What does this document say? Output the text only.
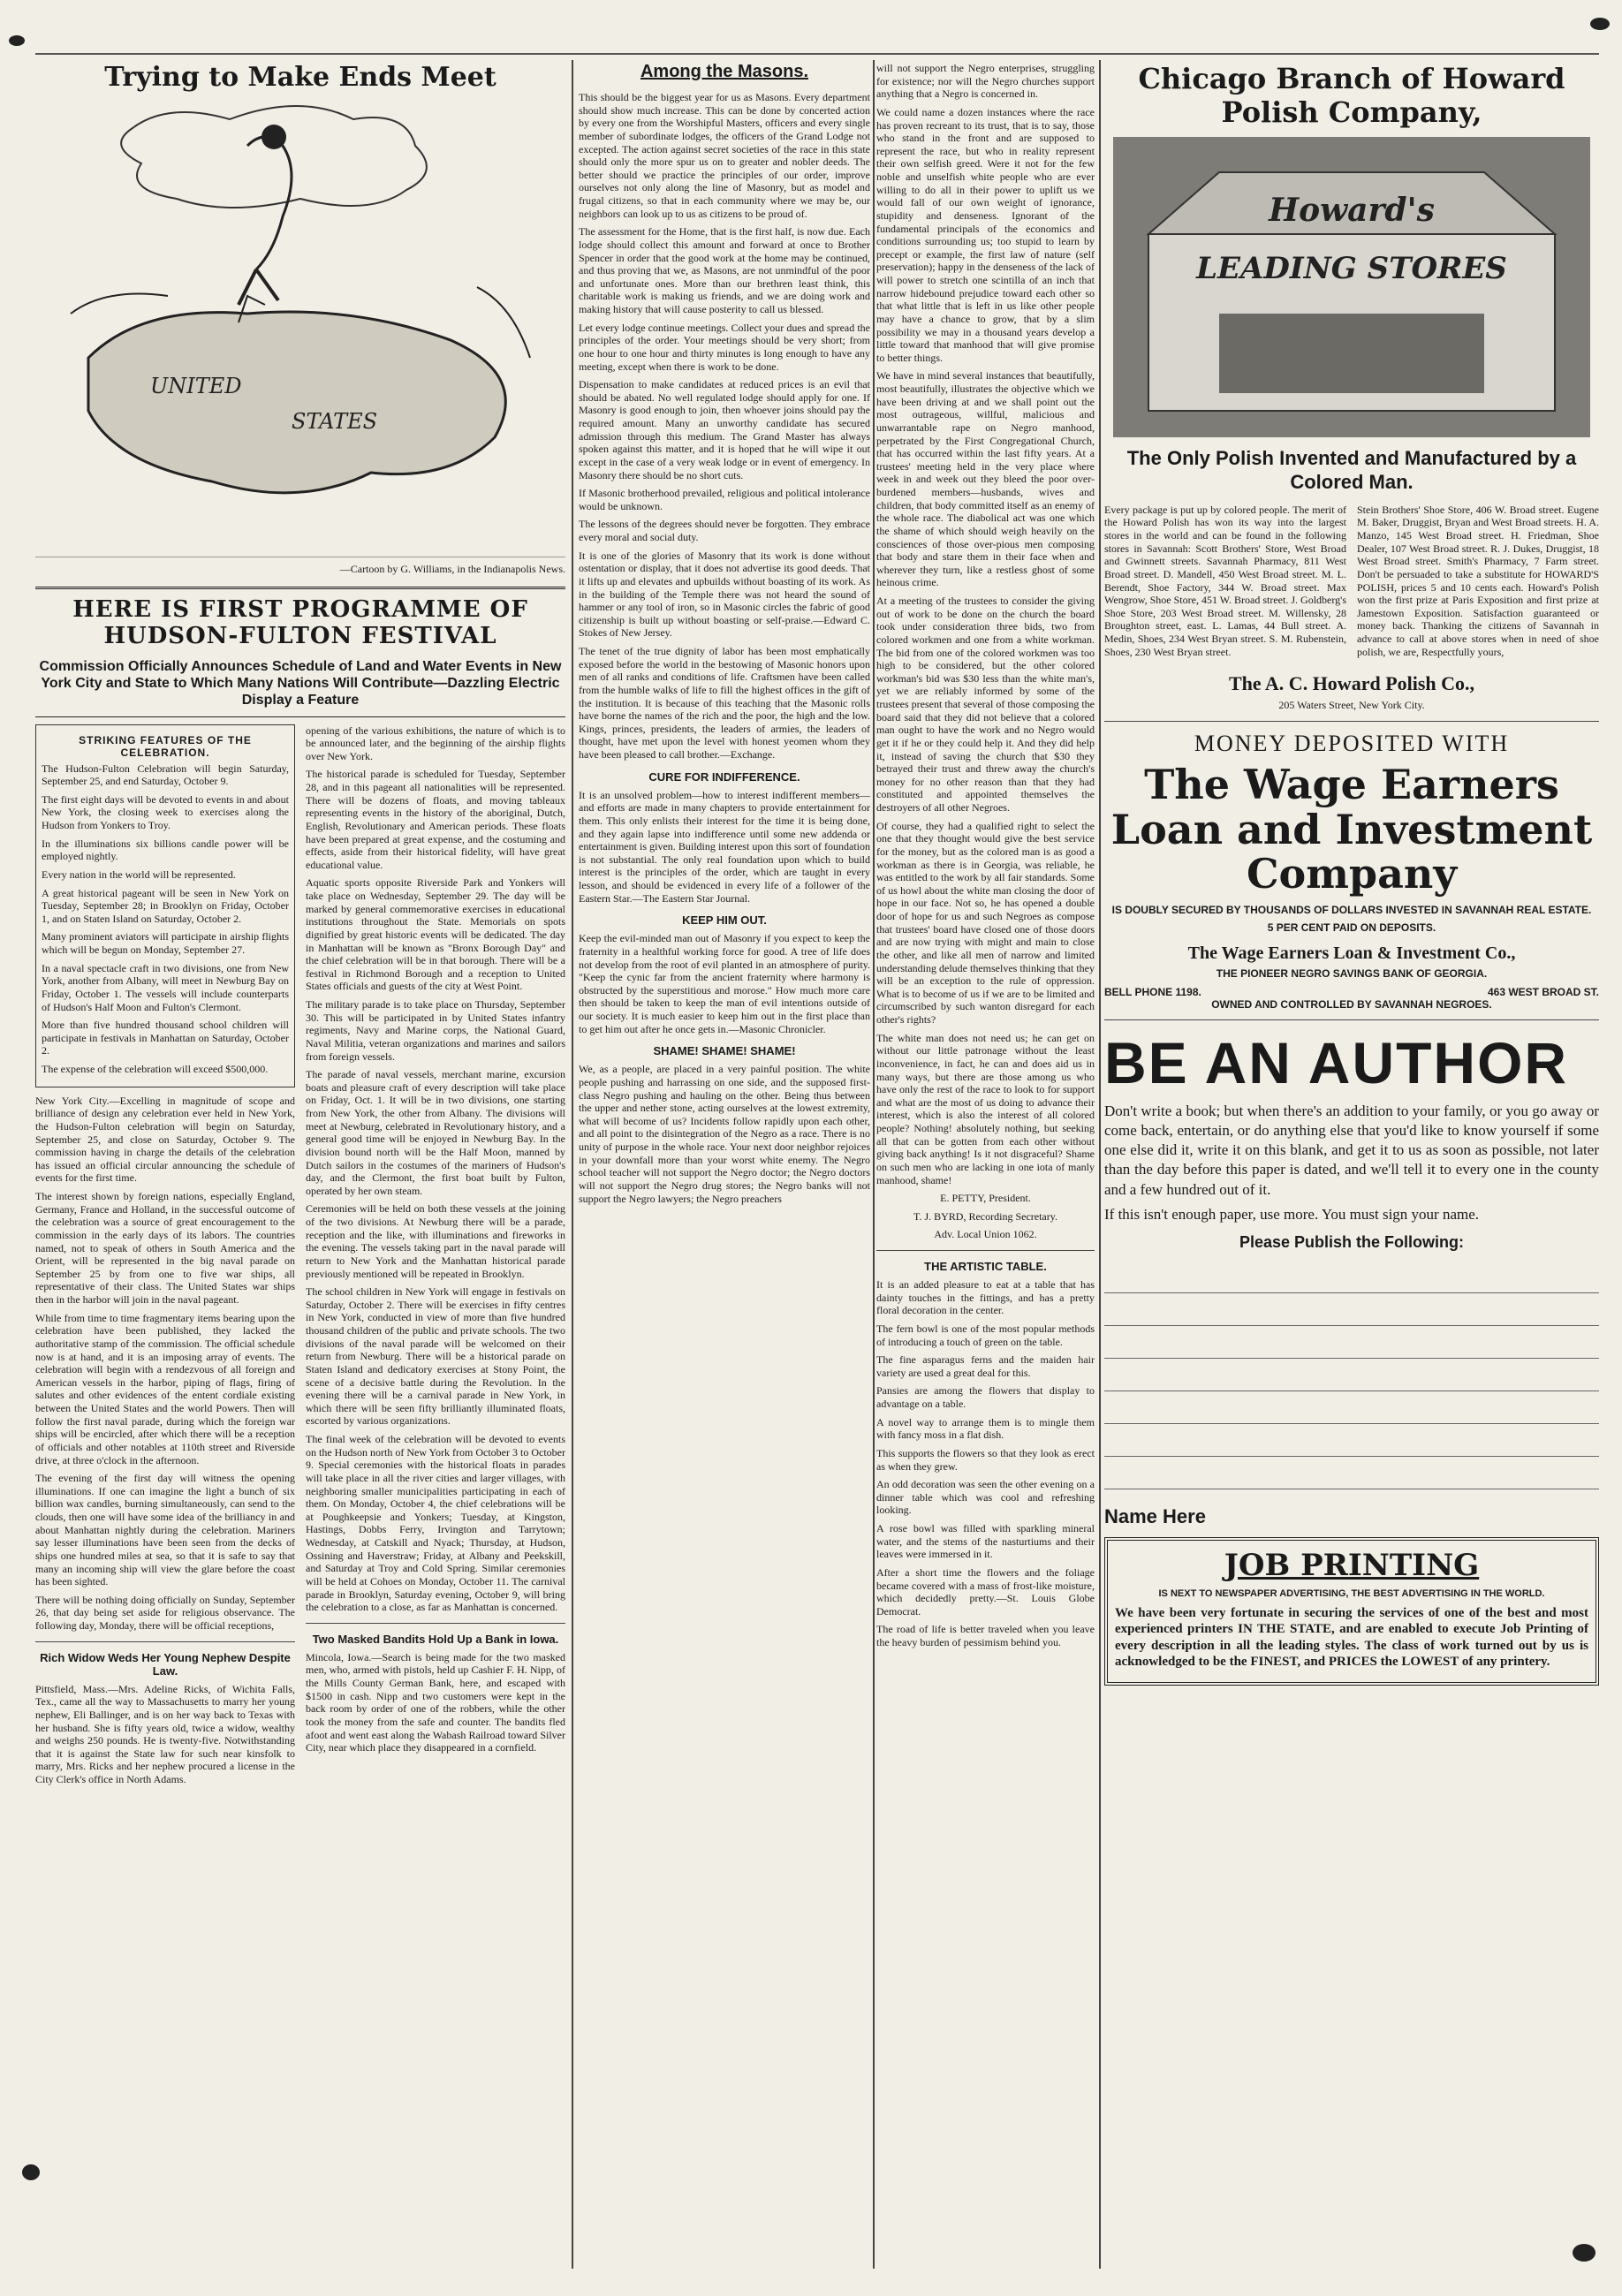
Trying to Make Ends Meet
UNITED
STATES
—Cartoon by G. Williams, in the Indianapolis News.
HERE IS FIRST PROGRAMME OF HUDSON-FULTON FESTIVAL
Commission Officially Announces Schedule of Land and Water Events in New York City and State to Which Many Nations Will Contribute—Dazzling Electric Display a Feature
STRIKING FEATURES OF THE CELEBRATION.

The Hudson-Fulton Celebration will begin Saturday, September 25, and end Saturday, October 9.

The first eight days will be devoted to events in and about New York, the closing week to exercises along the Hudson from Yonkers to Troy.

In the illuminations six billions candle power will be employed nightly.

Every nation in the world will be represented.

A great historical pageant will be seen in New York on Tuesday, September 28; in Brooklyn on Friday, October 1, and on Staten Island on Saturday, October 2.

Many prominent aviators will participate in airship flights which will be begun on Monday, September 27.

In a naval spectacle craft in two divisions, one from New York, another from Albany, will meet in Newburg Bay on Friday, October 1. The vessels will include counterparts of Hudson's Half Moon and Fulton's Clermont.

More than five hundred thousand school children will participate in festivals in Manhattan on Saturday, October 2.

The expense of the celebration will exceed $500,000.

New York City.—Excelling in magnitude of scope and brilliance of design any celebration ever held in New York, the Hudson-Fulton celebration will begin on Saturday, September 25, and close on Saturday, October 9. The commission having in charge the details of the celebration has issued an official circular announcing the schedule of events for the first time.

The interest shown by foreign nations, especially England, Germany, France and Holland, in the successful outcome of the celebration was a source of great encouragement to the commission in the early days of its labors. The countries named, not to speak of others in South America and the Orient, will be represented in the big naval parade on September 25 by from one to five war ships, all representative of their class. The United States war ships then in the harbor will join in the naval pageant.

While from time to time fragmentary items bearing upon the celebration have been published, they lacked the authoritative stamp of the commission. The official schedule now is at hand, and it is an imposing array of events. The celebration will begin with a rendezvous of all foreign and American vessels in the harbor, piping of flags, firing of salutes and other evidences of the entent cordiale existing between the United States and the world Powers. Then will follow the first naval parade, during which the foreign war ships will be encircled, after which there will be a reception of officials and other notables at 110th street and Riverside drive, at three o'clock in the afternoon.

The evening of the first day will witness the opening illuminations. If one can imagine the light a bunch of six billion wax candles, burning simultaneously, can send to the clouds, then one will have some idea of the brilliancy in and about Manhattan nightly during the celebration. Mariners say lesser illuminations have been seen from the decks of ships one hundred miles at sea, so that it is safe to say that many an incoming ship will view the glare before the coast has been sighted.

There will be nothing doing officially on Sunday, September 26, that day being set aside for religious observance. The following day, Monday, there will be official receptions,

Rich Widow Weds Her Young Nephew Despite Law.

Pittsfield, Mass.—Mrs. Adeline Ricks, of Wichita Falls, Tex., came all the way to Massachusetts to marry her young nephew, Eli Ballinger, and is on her way back to Texas with her husband. She is fifty years old, twice a widow, wealthy and weighs 250 pounds. He is twenty-five. Notwithstanding that it is against the State law for such near kinsfolk to marry, Mrs. Ricks and her nephew procured a license in the City Clerk's office in North Adams.

opening of the various exhibitions, the nature of which is to be announced later, and the beginning of the airship flights over New York.

The historical parade is scheduled for Tuesday, September 28, and in this pageant all nationalities will be represented. There will be dozens of floats, and moving tableaux representing events in the history of the aboriginal, Dutch, English, Revolutionary and American periods. These floats have been prepared at great expense, and the costuming and effects, aside from their historical fidelity, will have great educational value.

Aquatic sports opposite Riverside Park and Yonkers will take place on Wednesday, September 29. The day will be marked by general commemorative exercises in educational institutions throughout the State. Memorials on spots dignified by great historic events will be dedicated. The day in Manhattan will be known as "Bronx Borough Day" and the chief celebration will be in that borough. There will be a festival in Richmond Borough and a reception to United States officials and guests of the city at West Point.

The military parade is to take place on Thursday, September 30. This will be participated in by United States infantry regiments, Navy and Marine corps, the National Guard, Naval Militia, veteran organizations and marines and sailors from foreign vessels.

The parade of naval vessels, merchant marine, excursion boats and pleasure craft of every description will take place on Friday, Oct. 1. It will be in two divisions, one starting from New York, the other from Albany. The divisions will meet at Newburg, celebrated in Revolutionary history, and a general good time will be enjoyed in Newburg Bay. In the division bound north will be the Half Moon, manned by Dutch sailors in the costumes of the mariners of Hudson's day, and the Clermont, the first boat built by Fulton, operated by her own steam.

Ceremonies will be held on both these vessels at the joining of the two divisions. At Newburg there will be a parade, reception and the like, with illuminations and fireworks in the evening. The vessels taking part in the naval parade will return to New York and the Manhattan historical parade previously mentioned will be repeated in Brooklyn.

The school children in New York will engage in festivals on Saturday, October 2. There will be exercises in fifty centres in New York, conducted in view of more than five hundred thousand children of the public and private schools. The two divisions of the naval parade will be welcomed on their return from Newburg. There will be a historical parade on Staten Island and dedicatory exercises at Stony Point, the scene of a decisive battle during the Revolution. In the evening there will be a carnival parade in New York, in which there will be seen fifty brilliantly illuminated floats, escorted by various organizations.

The final week of the celebration will be devoted to events on the Hudson north of New York from October 3 to October 9. Special ceremonies with the historical floats in parades will take place in all the river cities and larger villages, with neighboring smaller municipalities participating in each of them. On Monday, October 4, the chief celebrations will be at Poughkeepsie and Yonkers; Tuesday, at Kingston, Hastings, Dobbs Ferry, Irvington and Tarrytown; Wednesday, at Catskill and Nyack; Thursday, at Hudson, Ossining and Haverstraw; Friday, at Albany and Peekskill, and Saturday at Troy and Cold Spring. Similar ceremonies will be held at Cohoes on Monday, October 11. The carnival parade in Brooklyn, Saturday evening, October 9, will bring the celebration to a close, as far as Manhattan is concerned.

Two Masked Bandits Hold Up a Bank in Iowa.

Mincola, Iowa.—Search is being made for the two masked men, who, armed with pistols, held up Cashier F. H. Nipp, of the Mills County German Bank, here, and escaped with $1500 in cash. Nipp and two customers were kept in the back room by order of one of the robbers, while the other took the money from the safe and counter. The bandits fled afoot and went east along the Wabash Railroad toward Silver City, near which place they disappeared in a cornfield.

Among the Masons.

This should be the biggest year for us as Masons. Every department should show much increase. This can be done by concerted action by every one from the Worshipful Masters, officers and every single member of subordinate lodges, the officers of the Grand Lodge not excepted. The action against secret societies of the race in this state should only the more spur us on to greater and nobler deeds. The better should we practice the principles of our order, improve ourselves not only along the line of Masonry, but as model and frugal citizens, so that in each community where we may be, our neighbors can look up to us as citizens to be proud of.

The assessment for the Home, that is the first half, is now due. Each lodge should collect this amount and forward at once to Brother Spencer in order that the good work at the home may be continued, and thus proving that we, as Masons, are not unmindful of the poor and unfortunate ones. More than our brethren least think, this charitable work is making us friends, and we are doing work and making history that will cause posterity to call us blessed.

Let every lodge continue meetings. Collect your dues and spread the principles of the order. Your meetings should be very short; from one hour to one hour and thirty minutes is long enough to have any meeting, except when there is work to be done.

Dispensation to make candidates at reduced prices is an evil that should be abated. No well regulated lodge should apply for one. If Masonry is good enough to join, then whoever joins should pay the required amount. Many an unworthy candidate has secured admission through this medium. The Grand Master has always spoken against this matter, and it is hoped that he will wipe it out except in the case of a very weak lodge or in event of emergency. In Masonry there should be no short cuts.

If Masonic brotherhood prevailed, religious and political intolerance would be unknown.

The lessons of the degrees should never be forgotten. They embrace every moral and social duty.

It is one of the glories of Masonry that its work is done without ostentation or display, that it does not advertise its good deeds. That it lifts up and elevates and upbuilds without boasting of its work. As in the building of the Temple there was not heard the sound of hammer or any tool of iron, so in Masonic circles the fabric of good citizenship is built up without boasting or self-praise.—Edward C. Stokes of New Jersey.

The tenet of the true dignity of labor has been most emphatically exposed before the world in the bestowing of Masonic honors upon men of all ranks and conditions of life. Craftsmen have been called from the humble walks of life to fill the highest offices in the gift of the institution. It is because of this teaching that the Masonic rolls have borne the names of the rich and the poor, the high and the low. Kings, princes, presidents, the leaders of armies, the leaders of thought, have met upon the level with honest yeomen whom they have been pleased to call brother.—Exchange.

CURE FOR INDIFFERENCE.

It is an unsolved problem—how to interest indifferent members—and efforts are made in many chapters to provide entertainment for them. This only enlists their interest for the time it is being done, and they again lapse into indifference until some new addenda or entertainment is given. Building interest upon this sort of foundation is not substantial. The only real foundation upon which to build interest is the principles of the order, which are taught in every lesson, and should be evidenced in every life of a follower of the Eastern Star.—The Eastern Star Journal.

KEEP HIM OUT.

Keep the evil-minded man out of Masonry if you expect to keep the fraternity in a healthful working force for good. A tree of life does not develop from the root of evil planted in an atmosphere of purity. "Keep the cynic far from the ancient fraternity where harmony is obstructed by the superstitious and morose." How much more care then should be taken to keep the man of evil intentions outside of our society. It is much easier to keep him out in the first place than to get him out after he once gets in.—Masonic Chronicler.

SHAME! SHAME! SHAME!

We, as a people, are placed in a very painful position. The white people pushing and harrassing on one side, and the supposed first-class Negro pushing and hauling on the other. Being thus between the upper and nether stone, acting ourselves at the lowest extremity, what will become of us? Incidents follow rapidly upon each other, and all point to the disintegration of the Negro as a race. There is no unity of purpose in the whole race. Your next door neighbor rejoices in your downfall more than your worst white enemy. The Negro school teacher will not support the Negro doctor; the Negro doctors will not support the Negro drug stores; the Negro banks will not support the Negro lawyers; the Negro preachers

will not support the Negro enterprises, struggling for existence; nor will the Negro churches support anything that a Negro is concerned in.

We could name a dozen instances where the race has proven recreant to its trust, that is to say, those who stand in the front and are supposed to represent the race, but who in reality represent their own selfish greed. Were it not for the few noble and unselfish white people who are ever willing to do all in their power to uplift us we would fall of our own weight of ignorance, stupidity and denseness. Ignorant of the fundamental principals of the economics and conditions surrounding us; too stupid to learn by precept or example, the first law of nature (self preservation); happy in the denseness of the lack of will power to stretch one scintilla of an inch that narrow hidebound prejudice toward each other so that what little that is left in us like other people may have a chance to grow, that by a slim possibility we may in a thousand years develop a little toward that manhood that will give promise to better things.

We have in mind several instances that beautifully, most beautifully, illustrates the objective which we have been driving at and we shall point out the most outrageous, willful, malicious and unwarrantable rape on Negro manhood, perpetrated by the First Congregational Church, that has occurred within the last fifty years. At a trustees' meeting held in the very place where week in and week out they bleed the poor over-burdened members—husbands, wives and children, that body committed itself as an enemy of the whole race. The diabolical act was one which the shame of which should weigh heavily on the consciences of those over-pious men composing that body and stare them in their face when and wherever they turn, like a restless ghost of some heinous crime.

At a meeting of the trustees to consider the giving out of work to be done on the church the board took under consideration three bids, two from colored workmen and one from a white workman. The bid from one of the colored workmen was too high to be considered, but the other colored workman's bid was $30 less than the white man's, yet we are reliably informed by some of the trustees present that several of those composing the board said that they did not believe that a colored man ought to have the work and no Negro would get it if he or they could help it. And they did help it, instead of saving the church that $30 they betrayed their trust and threw away the church's money for no other reason than that they had constituted and appointed themselves the destroyers of all other Negroes.

Of course, they had a qualified right to select the one that they thought would give the best service for the money, but as the colored man is as good a workman as there is in Georgia, was reliable, he was entitled to the work by all fair standards. Some of us howl about the white man closing the door of hope in our face. Not so, he has opened a double door of hope for us and such Negroes as compose that trustees' board have closed one of those doors and are now trying with might and main to close the other, and like all men of narrow and limited understanding delude themselves thinking that they will be an exception to the rule of oppression. What is to become of us if we are to be limited and circumscribed by such wanton disregard for each other's rights?

The white man does not need us; he can get on without our little patronage without the least inconvenience, in fact, he can and does aid us in many ways, but there are those among us who have only the rest of the race to look to for support and what are the most of us doing to advance their interest, which is also the interest of all colored people? Nothing! absolutely nothing, but seeking all that can be gotten from each other without giving back anything! Is it not disgraceful? Shame on such men who are lacking in one iota of manly manhood, shame!

E. PETTY, President.

T. J. BYRD, Recording Secretary.

Adv. Local Union 1062.

THE ARTISTIC TABLE.

It is an added pleasure to eat at a table that has dainty touches in the fittings, and has a pretty floral decoration in the center.

The fern bowl is one of the most popular methods of introducing a touch of green on the table.

The fine asparagus ferns and the maiden hair variety are used a great deal for this.

Pansies are among the flowers that display to advantage on a table.

A novel way to arrange them is to mingle them with fancy moss in a flat dish.

This supports the flowers so that they look as erect as when they grew.

An odd decoration was seen the other evening on a dinner table which was cool and refreshing looking.

A rose bowl was filled with sparkling mineral water, and the stems of the nasturtiums and their leaves were immersed in it.

After a short time the flowers and the foliage became covered with a mass of frost-like moisture, which decidedly pretty.—St. Louis Globe Democrat.

The road of life is better traveled when you leave the heavy burden of pessimism behind you.

Chicago Branch of Howard Polish Company,
Howard's
LEADING STORES
The Only Polish Invented and Manufactured by a Colored Man.

Every package is put up by colored people. The merit of the Howard Polish has won its way into the largest stores in the world and can be found in the following stores in Savannah: Scott Brothers' Store, West Broad and Gwinnett streets. Savannah Pharmacy, 811 West Broad street. D. Mandell, 450 West Broad street. M. L. Berendt, Shoe Factory, 344 W. Broad street. Max Wengrow, Shoe Store, 451 W. Broad street. J. Goldberg's Shoe Store, 203 West Broad street. M. Willensky, 28 Broughton street, east. L. Lamas, 44 Bull street. A. Medin, Shoes, 234 West Bryan street. S. M. Rubenstein, Shoes, 230 West Bryan street.

Stein Brothers' Shoe Store, 406 W. Broad street. Eugene M. Baker, Druggist, Bryan and West Broad streets. H. A. Manzo, 145 West Broad street. H. Friedman, Shoe Dealer, 107 West Broad street. R. J. Dukes, Druggist, 18 West Broad street. Smith's Pharmacy, 7 Farm street. Don't be persuaded to take a substitute for HOWARD'S POLISH, prices 5 and 10 cents each. Howard's Polish won the first prize at Paris Exposition and first prize at Jamestown Exposition. Satisfaction guaranteed or money back. Thanking the citizens of Savannah in advance to call at above stores when in need of shoe polish, we are, Respectfully yours,

The A. C. Howard Polish Co.,

205 Waters Street, New York City.

MONEY DEPOSITED WITH
The Wage Earners Loan and Investment Company

IS DOUBLY SECURED BY THOUSANDS OF DOLLARS INVESTED IN SAVANNAH REAL ESTATE.

5 PER CENT PAID ON DEPOSITS.

The Wage Earners Loan & Investment Co.,

THE PIONEER NEGRO SAVINGS BANK OF GEORGIA.

BELL PHONE 1198.	463 WEST BROAD ST.

OWNED AND CONTROLLED BY SAVANNAH NEGROES.

BE AN AUTHOR

Don't write a book; but when there's an addition to your family, or you go away or come back, entertain, or do anything else that you'd like to know yourself if some one else did it, write it on this blank, and get it to us as soon as possible, not later than the day before this paper is dated, and we'll tell it to every one in the county and a few hundred out of it.

If this isn't enough paper, use more. You must sign your name.

Please Publish the Following:
Name Here
JOB PRINTING

IS NEXT TO NEWSPAPER ADVERTISING, THE BEST ADVERTISING IN THE WORLD.

We have been very fortunate in securing the services of one of the best and most experienced printers IN THE STATE, and are enabled to execute Job Printing of every description in all the leading styles. The class of work turned out by us is acknowledged to be the FINEST, and PRICES the LOWEST of any printery.
